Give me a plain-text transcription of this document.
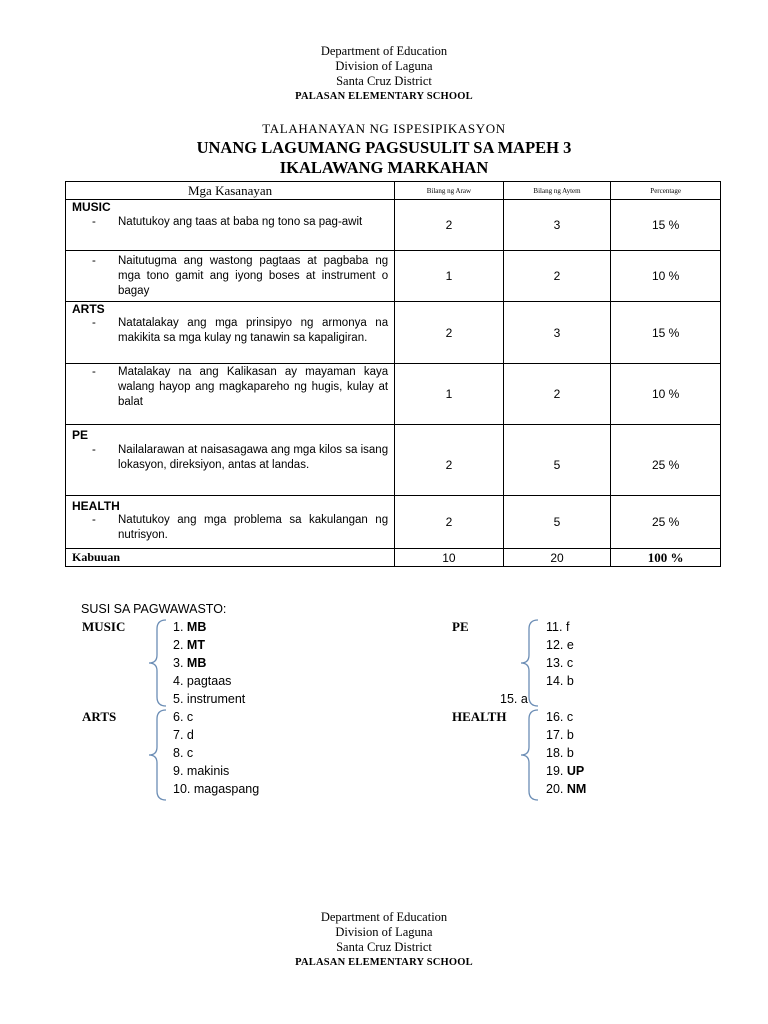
Department of Education
Division of Laguna
Santa Cruz District
PALASAN ELEMENTARY SCHOOL
TALAHANAYAN NG ISPESIPIKASYON
UNANG LAGUMANG PAGSUSULIT SA MAPEH 3
IKALAWANG MARKAHAN
Mga Kasanayan	Bilang ng Araw	Bilang ng Aytem	Percentage

MUSIC
- Natutukoy ang taas at baba ng tono sa pag-awit	2	3	15 %

- Naitutugma ang wastong pagtaas at pagbaba ng mga tono gamit ang iyong boses at instrument o bagay	1	2	10 %

ARTS
- Natatalakay ang mga prinsipyo ng armonya na makikita sa mga kulay ng tanawin sa kapaligiran.	2	3	15 %

- Matalakay na ang Kalikasan ay mayaman kaya walang hayop ang magkapareho ng hugis, kulay at balat	1	2	10 %

PE
- Nailalarawan at naisasagawa ang mga kilos sa isang lokasyon, direksiyon, antas at landas.	2	5	25 %

HEALTH
- Natutukoy ang mga problema sa kakulangan ng nutrisyon.	2	5	25 %
Kabuuan	10	20	100 %
SUSI SA PAGWAWASTO:
MUSIC	1. MB
2. MT
3. MB
4. pagtaas
5. instrument
ARTS	6. c
7. d
8. c
9. makinis
10. magaspang
PE	11. f
12. e
13. c
14. b
15. a
HEALTH	16. c
17. b
18. b
19. UP
20. NM
Department of Education
Division of Laguna
Santa Cruz District
PALASAN ELEMENTARY SCHOOL
